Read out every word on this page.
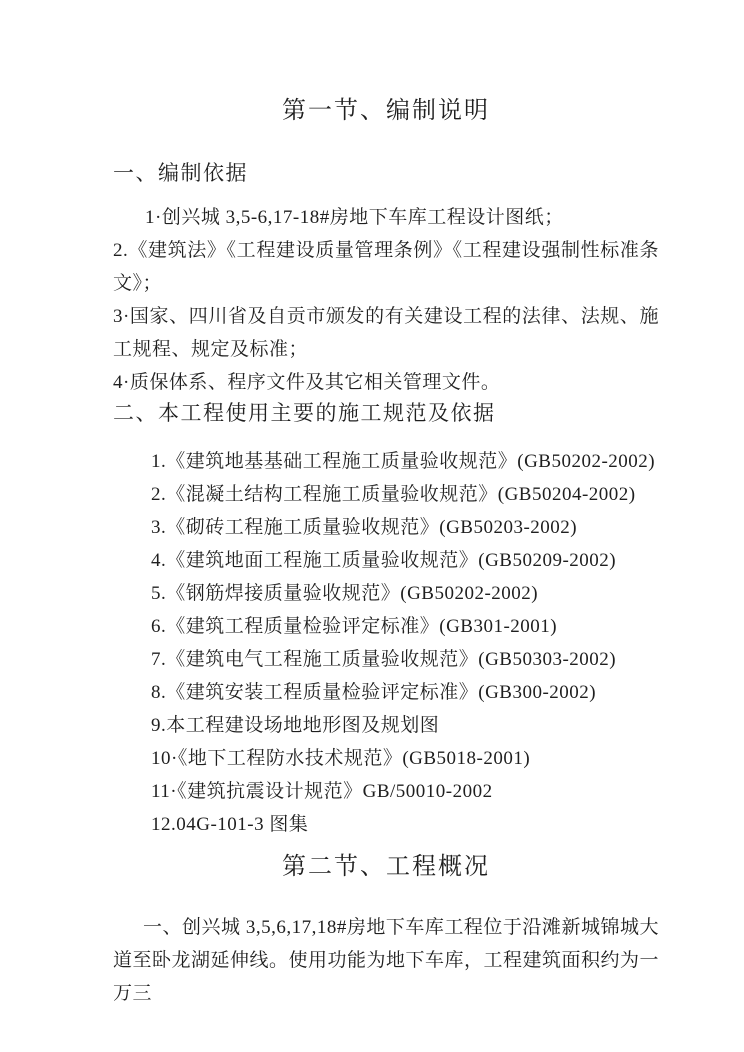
第一节、编制说明
一、编制依据

1·创兴城 3,5-6,17-18#房地下车库工程设计图纸；

2.《建筑法》《工程建设质量管理条例》《工程建设强制性标准条文》；

3·国家、四川省及自贡市颁发的有关建设工程的法律、法规、施工规程、规定及标准；

4·质保体系、程序文件及其它相关管理文件。

二、本工程使用主要的施工规范及依据

1.《建筑地基基础工程施工质量验收规范》(GB50202-2002)

2.《混凝土结构工程施工质量验收规范》(GB50204-2002)

3.《砌砖工程施工质量验收规范》(GB50203-2002)

4.《建筑地面工程施工质量验收规范》(GB50209-2002)

5.《钢筋焊接质量验收规范》(GB50202-2002)

6.《建筑工程质量检验评定标准》(GB301-2001)

7.《建筑电气工程施工质量验收规范》(GB50303-2002)

8.《建筑安装工程质量检验评定标准》(GB300-2002)

9.本工程建设场地地形图及规划图

10·《地下工程防水技术规范》(GB5018-2001)

11·《建筑抗震设计规范》GB/50010-2002

12.04G-101-3 图集

第二节、工程概况

一、创兴城 3,5,6,17,18#房地下车库工程位于沿滩新城锦城大道至卧龙湖延伸线。使用功能为地下车库，工程建筑面积约为一万三
